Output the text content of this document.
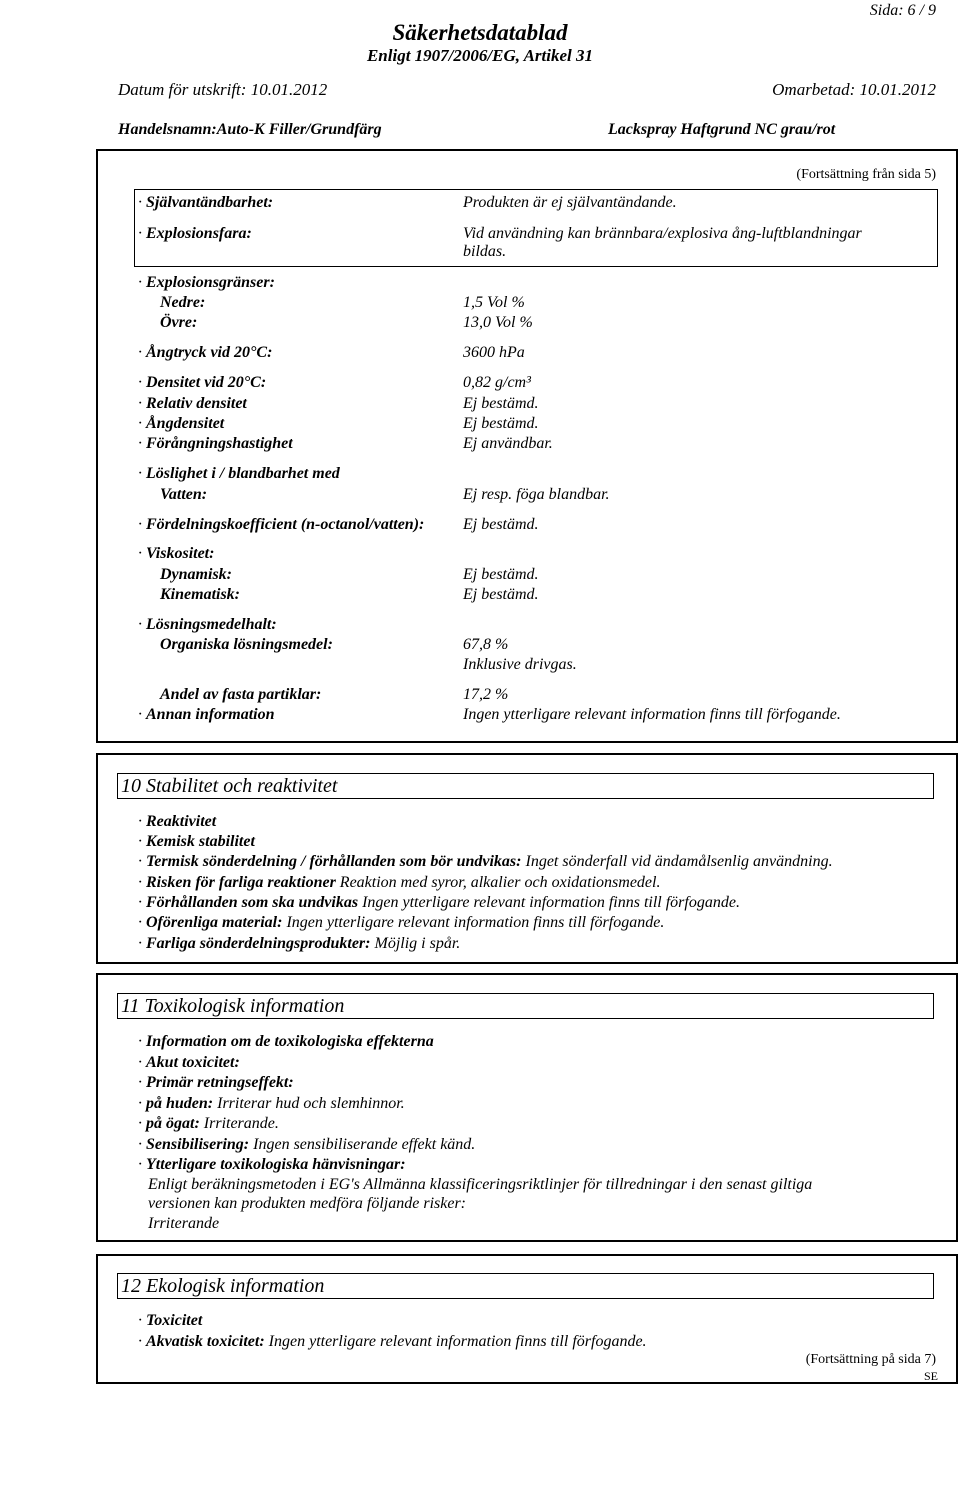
Sida: 6 / 9
Säkerhetsdatablad
Enligt 1907/2006/EG, Artikel 31
Datum för utskrift: 10.01.2012	Omarbetad: 10.01.2012
Handelsnamn:Auto-K Filler/Grundfärg	Lackspray Haftgrund NC grau/rot
(Fortsättning från sida 5)
· Självantändbarhet:	Produkten är ej självantändande.
· Explosionsfara:	Vid användning kan brännbara/explosiva ång-luftblandningar
bildas.
· Explosionsgränser:
Nedre:	1,5 Vol %
Övre:	13,0 Vol %
· Ångtryck vid 20°C:	3600 hPa
· Densitet vid 20°C:	0,82 g/cm³
· Relativ densitet	Ej bestämd.
· Ångdensitet	Ej bestämd.
· Förångningshastighet	Ej användbar.
· Löslighet i / blandbarhet med
Vatten:	Ej resp. föga blandbar.
· Fördelningskoefficient (n-octanol/vatten): Ej bestämd.
· Viskositet:
Dynamisk:	Ej bestämd.
Kinematisk:	Ej bestämd.
· Lösningsmedelhalt:
Organiska lösningsmedel:	67,8 %
Inklusive drivgas.
Andel av fasta partiklar:	17,2 %
· Annan information	Ingen ytterligare relevant information finns till förfogande.
10 Stabilitet och reaktivitet
· Reaktivitet
· Kemisk stabilitet
· Termisk sönderdelning / förhållanden som bör undvikas: Inget sönderfall vid ändamålsenlig användning.
· Risken för farliga reaktioner Reaktion med syror, alkalier och oxidationsmedel.
· Förhållanden som ska undvikas Ingen ytterligare relevant information finns till förfogande.
· Oförenliga material: Ingen ytterligare relevant information finns till förfogande.
· Farliga sönderdelningsprodukter: Möjlig i spår.
11 Toxikologisk information
· Information om de toxikologiska effekterna
· Akut toxicitet:
· Primär retningseffekt:
· på huden: Irriterar hud och slemhinnor.
· på ögat: Irriterande.
· Sensibilisering: Ingen sensibiliserande effekt känd.
· Ytterligare toxikologiska hänvisningar:
Enligt beräkningsmetoden i EG's Allmänna klassificeringsriktlinjer för tillredningar i den senast giltiga
versionen kan produkten medföra följande risker:
Irriterande
12 Ekologisk information
· Toxicitet
· Akvatisk toxicitet: Ingen ytterligare relevant information finns till förfogande.
(Fortsättning på sida 7)
SE
